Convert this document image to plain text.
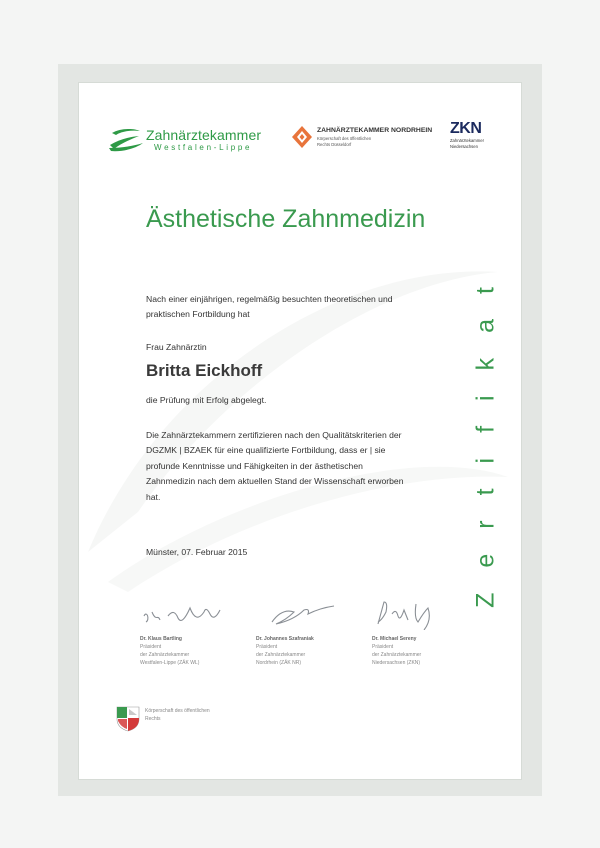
Zahnärztekammer
Westfalen-Lippe
ZAHNÄRZTEKAMMER NORDRHEIN
Körperschaft des öffentlichen Rechts Düsseldorf
ZKN
Zahnärztekammer Niedersachsen
Ästhetische Zahnmedizin
Nach einer einjährigen, regelmäßig besuchten theoretischen und praktischen Fortbildung hat
Frau Zahnärztin
Britta Eickhoff
die Prüfung mit Erfolg abgelegt.
Die Zahnärztekammern zertifizieren nach den Qualitätskriterien der DGZMK | BZAEK für eine qualifizierte Fortbildung, dass er | sie profunde Kenntnisse und Fähigkeiten in der ästhetischen Zahnmedizin nach dem aktuellen Stand der Wissenschaft erworben hat.
Münster, 07. Februar 2015	Zertifikat
Dr. Klaus Bartling
Präsident
der Zahnärztekammer
Westfalen-Lippe (ZÄK WL)
Dr. Johannes Szafraniak
Präsident
der Zahnärztekammer
Nordrhein (ZÄK NR)
Dr. Michael Sereny
Präsident
der Zahnärztekammer
Niedersachsen (ZKN)
Körperschaft des öffentlichen Rechts
